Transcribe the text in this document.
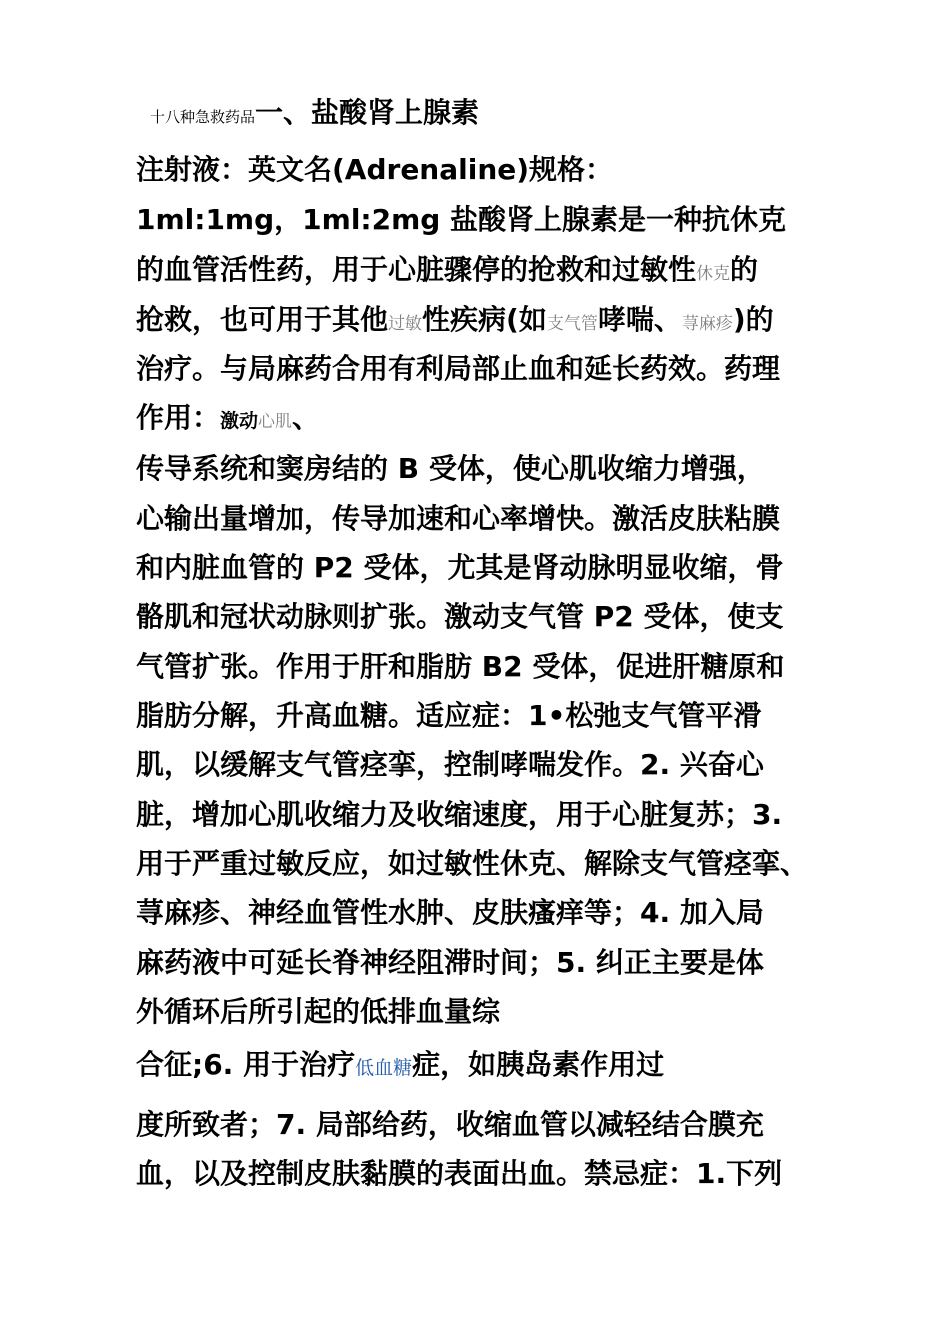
十八种急救药品一、盐酸肾上腺素
注射液：英文名(Adrenaline)规格：
1ml:1mg，1ml:2mg 盐酸肾上腺素是一种抗休克
的血管活性药，用于心脏骤停的抢救和过敏性休克的
抢救，也可用于其他过敏性疾病(如支气管哮喘、荨麻疹)的
治疗。与局麻药合用有利局部止血和延长药效。药理
作用：激动心肌、
传导系统和窦房结的 B 受体，使心肌收缩力增强，
心输出量增加，传导加速和心率增快。激活皮肤粘膜
和内脏血管的 P2 受体，尤其是肾动脉明显收缩，骨
骼肌和冠状动脉则扩张。激动支气管 P2 受体，使支
气管扩张。作用于肝和脂肪 B2 受体，促进肝糖原和
脂肪分解，升高血糖。适应症：1•松弛支气管平滑
肌，以缓解支气管痉挛，控制哮喘发作。2. 兴奋心
脏，增加心肌收缩力及收缩速度，用于心脏复苏；3.
用于严重过敏反应，如过敏性休克、解除支气管痉挛、
荨麻疹、神经血管性水肿、皮肤瘙痒等；4. 加入局
麻药液中可延长脊神经阻滞时间；5. 纠正主要是体
外循环后所引起的低排血量综
合征;6. 用于治疗低血糖症，如胰岛素作用过
度所致者；7. 局部给药，收缩血管以减轻结合膜充
血，以及控制皮肤黏膜的表面出血。禁忌症：1.下列
